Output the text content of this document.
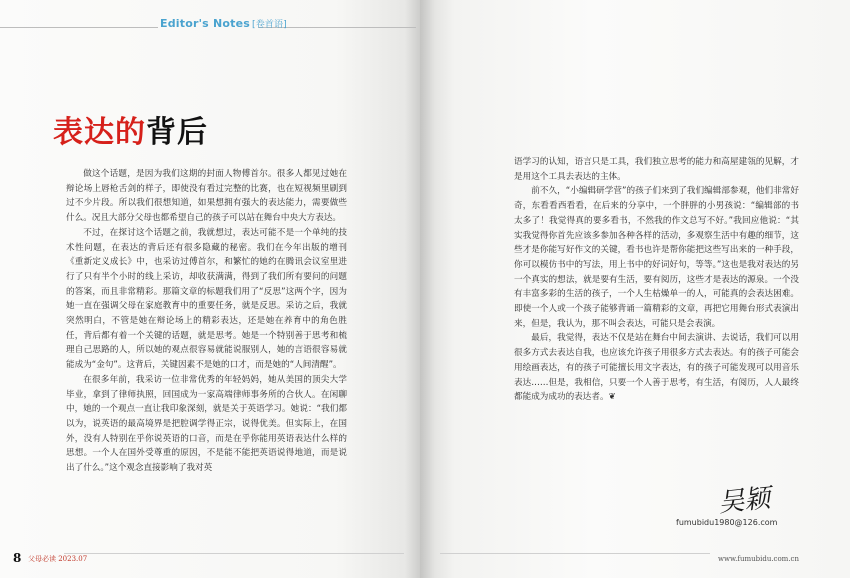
Editor's Notes [卷首语]
表达的背后

做这个话题，是因为我们这期的封面人物傅首尔。很多人都见过她在辩论场上唇枪舌剑的样子，即使没有看过完整的比赛，也在短视频里刷到过不少片段。所以我们很想知道，如果想拥有强大的表达能力，需要做些什么。况且大部分父母也都希望自己的孩子可以站在舞台中央大方表达。

不过，在探讨这个话题之前，我就想过，表达可能不是一个单纯的技术性问题，在表达的背后还有很多隐藏的秘密。我们在今年出版的增刊《重新定义成长》中，也采访过傅首尔，和繁忙的她约在腾讯会议室里进行了只有半个小时的线上采访，却收获满满，得到了我们所有要问的问题的答案，而且非常精彩。那篇文章的标题我们用了“反思”这两个字，因为她一直在强调父母在家庭教育中的重要任务，就是反思。采访之后，我就突然明白，不管是她在辩论场上的精彩表达，还是她在养育中的角色胜任，背后都有着一个关键的话题，就是思考。她是一个特别善于思考和梳理自己思路的人，所以她的观点很容易就能说服别人，她的言语很容易就能成为“金句”。这背后，关键因素不是她的口才，而是她的“人间清醒”。

在很多年前，我采访一位非常优秀的年轻妈妈，她从美国的顶尖大学毕业，拿到了律师执照，回国成为一家高端律师事务所的合伙人。在闲聊中，她的一个观点一直让我印象深刻，就是关于英语学习。她说：“我们都以为，说英语的最高境界是把腔调学得正宗，说得优美。但实际上，在国外，没有人特别在乎你说英语的口音，而是在乎你能用英语表达什么样的思想。一个人在国外受尊重的原因，不是能不能把英语说得地道，而是说出了什么。”这个观念直接影响了我对英

语学习的认知，语言只是工具，我们独立思考的能力和高屋建瓴的见解，才是用这个工具去表达的主体。

前不久，“小编辑研学营”的孩子们来到了我们编辑部参观，他们非常好奇，东看看西看看，在后来的分享中，一个胖胖的小男孩说：“编辑部的书太多了！我觉得真的要多看书，不然我的作文总写不好。”我回应他说：“其实我觉得你首先应该多参加各种各样的活动，多观察生活中有趣的细节，这些才是你能写好作文的关键，看书也许是帮你能把这些写出来的一种手段，你可以模仿书中的写法，用上书中的好词好句，等等。”这也是我对表达的另一个真实的想法，就是要有生活，要有阅历，这些才是表达的源泉。一个没有丰富多彩的生活的孩子，一个人生枯燥单一的人，可能真的会表达困难。即使一个人或一个孩子能够背诵一篇精彩的文章，再把它用舞台形式表演出来，但是，我认为，那不叫会表达，可能只是会表演。

最后，我觉得，表达不仅是站在舞台中间去演讲、去说话，我们可以用很多方式去表达自我，也应该允许孩子用很多方式去表达。有的孩子可能会用绘画表达，有的孩子可能擅长用文字表达，有的孩子可能发现可以用音乐表达……但是，我相信，只要一个人善于思考，有生活，有阅历，人人最终都能成为成功的表达者。❦

吴颖
fumubidu1980@126.com
8 父母必读 2023.07	www.fumubidu.com.cn
